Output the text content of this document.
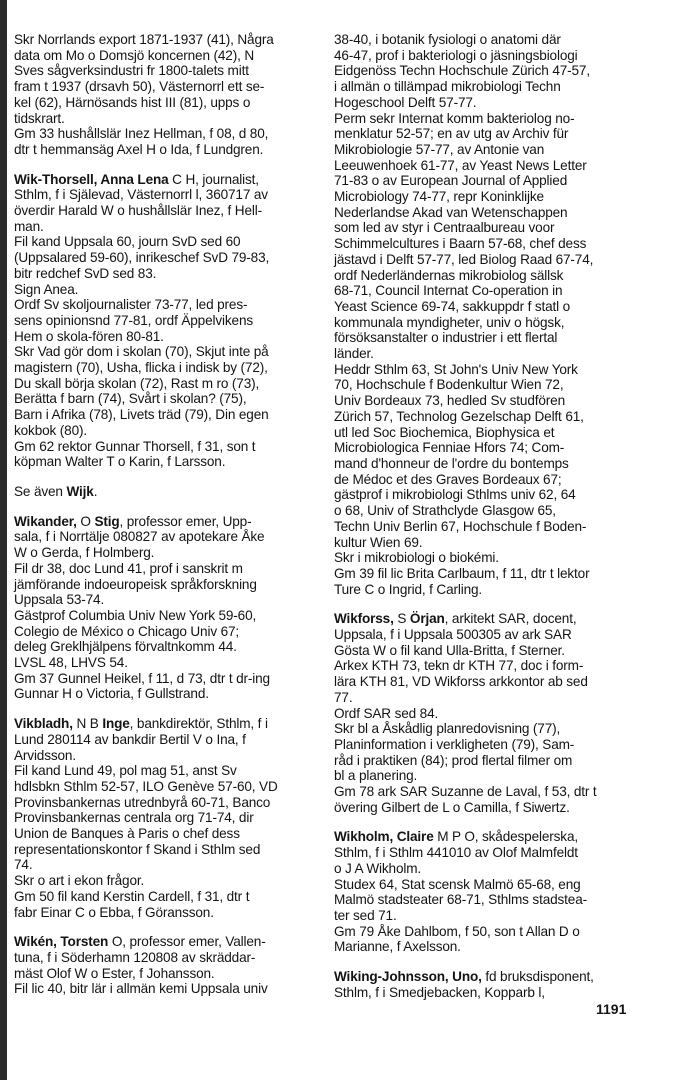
Skr Norrlands export 1871-1937 (41), Några
data om Mo o Domsjö koncernen (42), N
Sves sågverksindustri fr 1800-talets mitt
fram t 1937 (drsavh 50), Västernorrl ett se-
kel (62), Härnösands hist III (81), upps o
tidskrart.
Gm 33 hushållslär Inez Hellman, f 08, d 80,
dtr t hemmansäg Axel H o Ida, f Lundgren.
Wik-Thorsell, Anna Lena C H, journalist,
Sthlm, f i Själevad, Västernorrl l, 360717 av
överdir Harald W o hushållslär Inez, f Hell-
man.
Fil kand Uppsala 60, journ SvD sed 60
(Uppsalared 59-60), inrikeschef SvD 79-83,
bitr redchef SvD sed 83.
Sign Anea.
Ordf Sv skoljournalister 73-77, led pres-
sens opinionsnd 77-81, ordf Äppelvikens
Hem o skola-fören 80-81.
Skr Vad gör dom i skolan (70), Skjut inte på
magistern (70), Usha, flicka i indisk by (72),
Du skall börja skolan (72), Rast m ro (73),
Berätta f barn (74), Svårt i skolan? (75),
Barn i Afrika (78), Livets träd (79), Din egen
kokbok (80).
Gm 62 rektor Gunnar Thorsell, f 31, son t
köpman Walter T o Karin, f Larsson.
Se även Wijk.
Wikander, O Stig, professor emer, Upp-
sala, f i Norrtälje 080827 av apotekare Åke
W o Gerda, f Holmberg.
Fil dr 38, doc Lund 41, prof i sanskrit m
jämförande indoeuropeisk språkforskning
Uppsala 53-74.
Gästprof Columbia Univ New York 59-60,
Colegio de México o Chicago Univ 67;
deleg Greklhjälpens förvaltnkomm 44.
LVSL 48, LHVS 54.
Gm 37 Gunnel Heikel, f 11, d 73, dtr t dr-ing
Gunnar H o Victoria, f Gullstrand.
Vikbladh, N B Inge, bankdirektör, Sthlm, f i
Lund 280114 av bankdir Bertil V o Ina, f
Arvidsson.
Fil kand Lund 49, pol mag 51, anst Sv
hdlsbkn Sthlm 52-57, ILO Genève 57-60, VD
Provinsbankernas utrednbyrå 60-71, Banco
Provinsbankernas centrala org 71-74, dir
Union de Banques à Paris o chef dess
representationskontor f Skand i Sthlm sed
74.
Skr o art i ekon frågor.
Gm 50 fil kand Kerstin Cardell, f 31, dtr t
fabr Einar C o Ebba, f Göransson.
Wikén, Torsten O, professor emer, Vallen-
tuna, f i Söderhamn 120808 av skräddar-
mäst Olof W o Ester, f Johansson.
Fil lic 40, bitr lär i allmän kemi Uppsala univ
38-40, i botanik fysiologi o anatomi där
46-47, prof i bakteriologi o jäsningsbiologi
Eidgenöss Techn Hochschule Zürich 47-57,
i allmän o tillämpad mikrobiologi Techn
Hogeschool Delft 57-77.
Perm sekr Internat komm bakteriolog no-
menklatur 52-57; en av utg av Archiv für
Mikrobiologie 57-77, av Antonie van
Leeuwenhoek 61-77, av Yeast News Letter
71-83 o av European Journal of Applied
Microbiology 74-77, repr Koninklijke
Nederlandse Akad van Wetenschappen
som led av styr i Centraalbureau voor
Schimmelcultures i Baarn 57-68, chef dess
jästavd i Delft 57-77, led Biolog Raad 67-74,
ordf Nederländernas mikrobiolog sällsk
68-71, Council Internat Co-operation in
Yeast Science 69-74, sakkuppdr f statl o
kommunala myndigheter, univ o högsk,
försöksanstalter o industrier i ett flertal
länder.
Heddr Sthlm 63, St John's Univ New York
70, Hochschule f Bodenkultur Wien 72,
Univ Bordeaux 73, hedled Sv studfören
Zürich 57, Technolog Gezelschap Delft 61,
utl led Soc Biochemica, Biophysica et
Microbiologica Fenniae Hfors 74; Com-
mand d'honneur de l'ordre du bontemps
de Médoc et des Graves Bordeaux 67;
gästprof i mikrobiologi Sthlms univ 62, 64
o 68, Univ of Strathclyde Glasgow 65,
Techn Univ Berlin 67, Hochschule f Boden-
kultur Wien 69.
Skr i mikrobiologi o biokémi.
Gm 39 fil lic Brita Carlbaum, f 11, dtr t lektor
Ture C o Ingrid, f Carling.
Wikforss, S Örjan, arkitekt SAR, docent,
Uppsala, f i Uppsala 500305 av ark SAR
Gösta W o fil kand Ulla-Britta, f Sterner.
Arkex KTH 73, tekn dr KTH 77, doc i form-
lära KTH 81, VD Wikforss arkkontor ab sed
77.
Ordf SAR sed 84.
Skr bl a Åskådlig planredovisning (77),
Planinformation i verkligheten (79), Sam-
råd i praktiken (84); prod flertal filmer om
bl a planering.
Gm 78 ark SAR Suzanne de Laval, f 53, dtr t
övering Gilbert de L o Camilla, f Siwertz.
Wikholm, Claire M P O, skådespelerska,
Sthlm, f i Sthlm 441010 av Olof Malmfeldt
o J A Wikholm.
Studex 64, Stat scensk Malmö 65-68, eng
Malmö stadsteater 68-71, Sthlms stadstea-
ter sed 71.
Gm 79 Åke Dahlbom, f 50, son t Allan D o
Marianne, f Axelsson.
Wiking-Johnsson, Uno, fd bruksdisponent,
Sthlm, f i Smedjebacken, Kopparb l,
1191
